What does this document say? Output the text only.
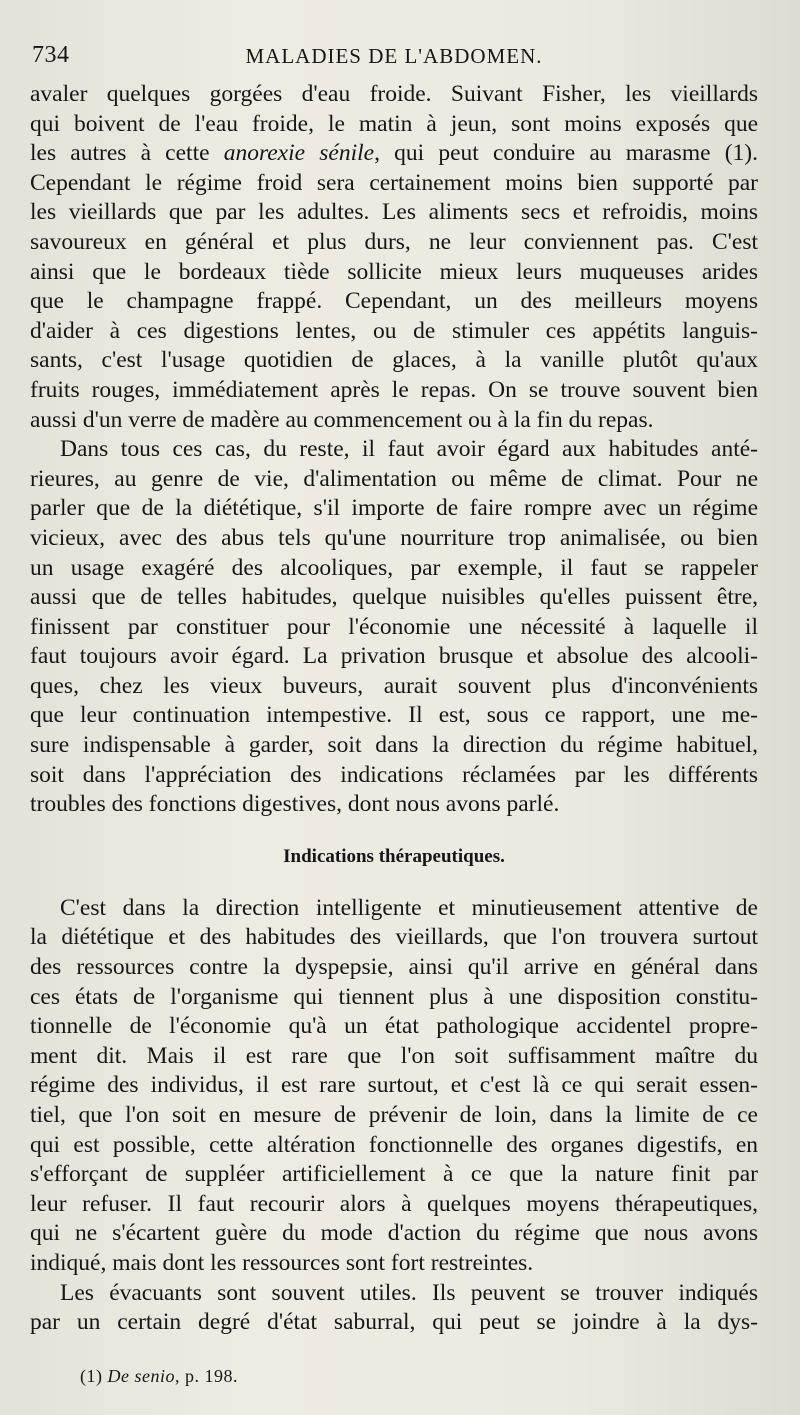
734	MALADIES DE L'ABDOMEN.
avaler quelques gorgées d'eau froide. Suivant Fisher, les vieillards
qui boivent de l'eau froide, le matin à jeun, sont moins exposés que
les autres à cette anorexie sénile, qui peut conduire au marasme (1).
Cependant le régime froid sera certainement moins bien supporté par
les vieillards que par les adultes. Les aliments secs et refroidis, moins
savoureux en général et plus durs, ne leur conviennent pas. C'est
ainsi que le bordeaux tiède sollicite mieux leurs muqueuses arides
que le champagne frappé. Cependant, un des meilleurs moyens
d'aider à ces digestions lentes, ou de stimuler ces appétits languis-
sants, c'est l'usage quotidien de glaces, à la vanille plutôt qu'aux
fruits rouges, immédiatement après le repas. On se trouve souvent bien
aussi d'un verre de madère au commencement ou à la fin du repas.
Dans tous ces cas, du reste, il faut avoir égard aux habitudes anté-
rieures, au genre de vie, d'alimentation ou même de climat. Pour ne
parler que de la diététique, s'il importe de faire rompre avec un régime
vicieux, avec des abus tels qu'une nourriture trop animalisée, ou bien
un usage exagéré des alcooliques, par exemple, il faut se rappeler
aussi que de telles habitudes, quelque nuisibles qu'elles puissent être,
finissent par constituer pour l'économie une nécessité à laquelle il
faut toujours avoir égard. La privation brusque et absolue des alcooli-
ques, chez les vieux buveurs, aurait souvent plus d'inconvénients
que leur continuation intempestive. Il est, sous ce rapport, une me-
sure indispensable à garder, soit dans la direction du régime habituel,
soit dans l'appréciation des indications réclamées par les différents
troubles des fonctions digestives, dont nous avons parlé.
Indications thérapeutiques.
C'est dans la direction intelligente et minutieusement attentive de
la diététique et des habitudes des vieillards, que l'on trouvera surtout
des ressources contre la dyspepsie, ainsi qu'il arrive en général dans
ces états de l'organisme qui tiennent plus à une disposition constitu-
tionnelle de l'économie qu'à un état pathologique accidentel propre-
ment dit. Mais il est rare que l'on soit suffisamment maître du
régime des individus, il est rare surtout, et c'est là ce qui serait essen-
tiel, que l'on soit en mesure de prévenir de loin, dans la limite de ce
qui est possible, cette altération fonctionnelle des organes digestifs, en
s'efforçant de suppléer artificiellement à ce que la nature finit par
leur refuser. Il faut recourir alors à quelques moyens thérapeutiques,
qui ne s'écartent guère du mode d'action du régime que nous avons
indiqué, mais dont les ressources sont fort restreintes.
Les évacuants sont souvent utiles. Ils peuvent se trouver indiqués
par un certain degré d'état saburral, qui peut se joindre à la dys-
(1) De senio, p. 198.
